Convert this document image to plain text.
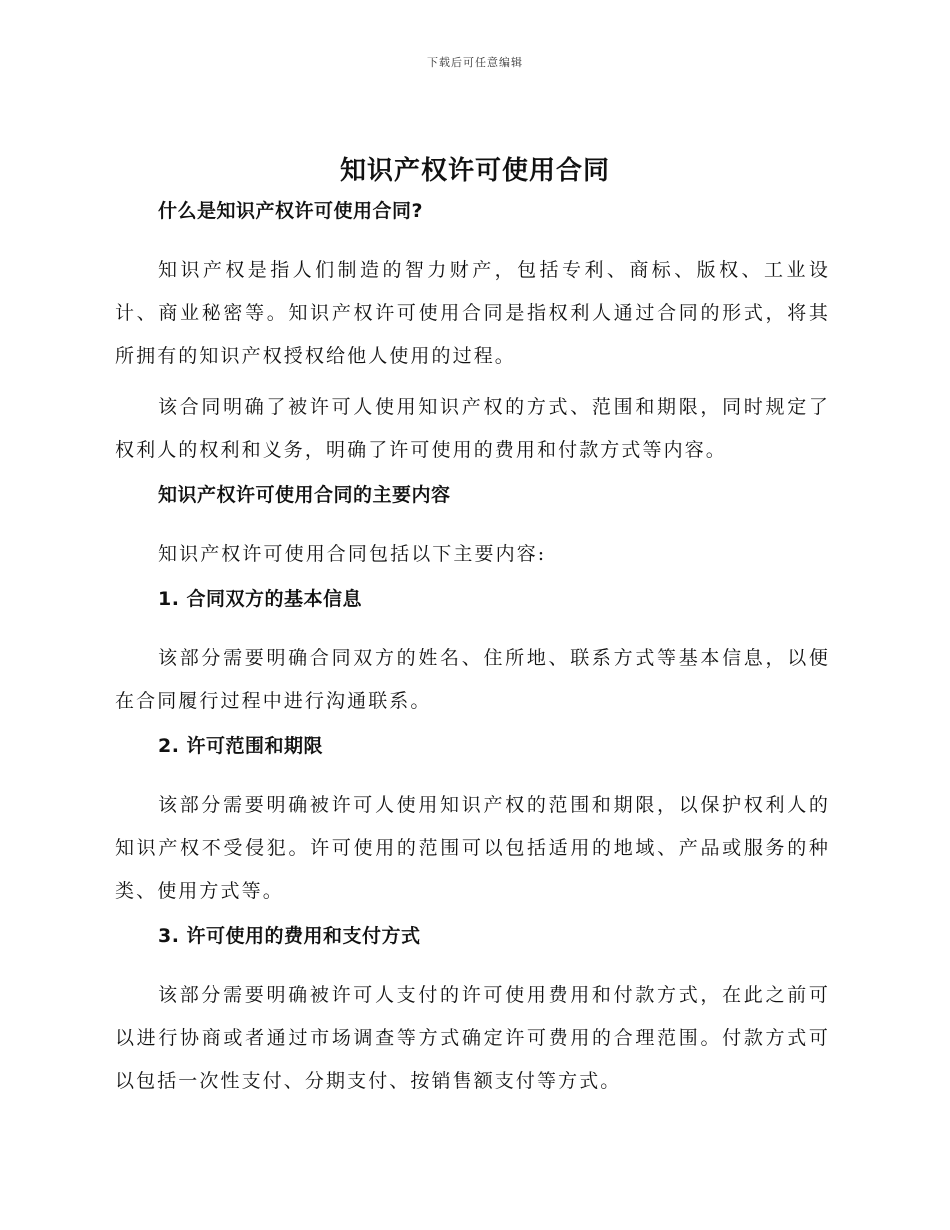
下载后可任意编辑
知识产权许可使用合同
什么是知识产权许可使用合同?

知识产权是指人们制造的智力财产，包括专利、商标、版权、工业设计、商业秘密等。知识产权许可使用合同是指权利人通过合同的形式，将其所拥有的知识产权授权给他人使用的过程。

该合同明确了被许可人使用知识产权的方式、范围和期限，同时规定了权利人的权利和义务，明确了许可使用的费用和付款方式等内容。

知识产权许可使用合同的主要内容

知识产权许可使用合同包括以下主要内容:

1. 合同双方的基本信息

该部分需要明确合同双方的姓名、住所地、联系方式等基本信息，以便在合同履行过程中进行沟通联系。

2. 许可范围和期限

该部分需要明确被许可人使用知识产权的范围和期限，以保护权利人的知识产权不受侵犯。许可使用的范围可以包括适用的地域、产品或服务的种类、使用方式等。

3. 许可使用的费用和支付方式

该部分需要明确被许可人支付的许可使用费用和付款方式，在此之前可以进行协商或者通过市场调查等方式确定许可费用的合理范围。付款方式可以包括一次性支付、分期支付、按销售额支付等方式。
